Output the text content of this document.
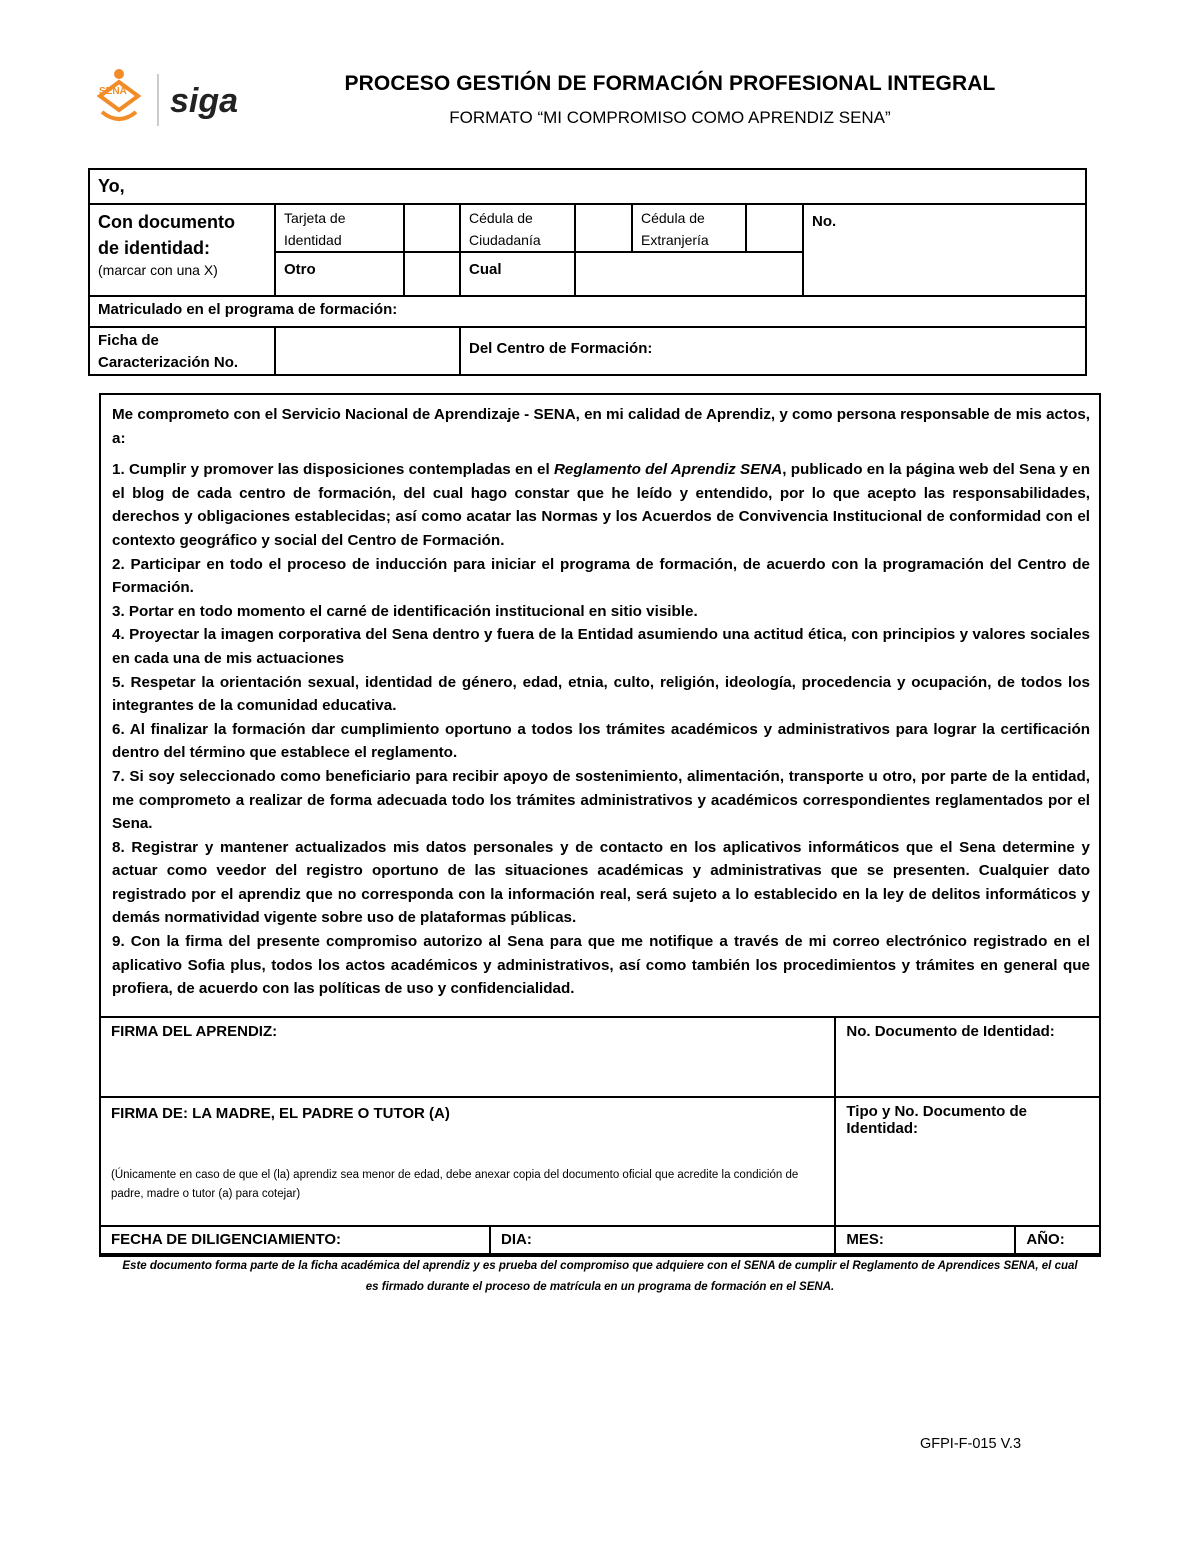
SENA siga	PROCESO GESTIÓN DE FORMACIÓN PROFESIONAL INTEGRAL
FORMATO “MI COMPROMISO COMO APRENDIZ SENA”
Yo,							

Con documento
de identidad:
(marcar con una X)	Tarjeta de Identidad		Cédula de Ciudadanía		Cédula de Extranjería		No.
	Otro		Cual				
Matriculado en el programa de formación:							
Ficha de Caracterización No.			Del Centro de Formación:				

Me comprometo con el Servicio Nacional de Aprendizaje - SENA, en mi calidad de Aprendiz, y como persona responsable de mis actos, a:

1. Cumplir y promover las disposiciones contempladas en el Reglamento del Aprendiz SENA, publicado en la página web del Sena y en el blog de cada centro de formación, del cual hago constar que he leído y entendido, por lo que acepto las responsabilidades, derechos y obligaciones establecidas; así como acatar las Normas y los Acuerdos de Convivencia Institucional de conformidad con el contexto geográfico y social del Centro de Formación.

2. Participar en todo el proceso de inducción para iniciar el programa de formación, de acuerdo con la programación del Centro de Formación.

3. Portar en todo momento el carné de identificación institucional en sitio visible.

4. Proyectar la imagen corporativa del Sena dentro y fuera de la Entidad asumiendo una actitud ética, con principios y valores sociales en cada una de mis actuaciones

5. Respetar la orientación sexual, identidad de género, edad, etnia, culto, religión, ideología, procedencia y ocupación, de todos los integrantes de la comunidad educativa.

6. Al finalizar la formación dar cumplimiento oportuno a todos los trámites académicos y administrativos para lograr la certificación dentro del término que establece el reglamento.

7. Si soy seleccionado como beneficiario para recibir apoyo de sostenimiento, alimentación, transporte u otro, por parte de la entidad, me comprometo a realizar de forma adecuada todo los trámites administrativos y académicos correspondientes reglamentados por el Sena.

8. Registrar y mantener actualizados mis datos personales y de contacto en los aplicativos informáticos que el Sena determine y actuar como veedor del registro oportuno de las situaciones académicas y administrativas que se presenten. Cualquier dato registrado por el aprendiz que no corresponda con la información real, será sujeto a lo establecido en la ley de delitos informáticos y demás normatividad vigente sobre uso de plataformas públicas.

9. Con la firma del presente compromiso autorizo al Sena para que me notifique a través de mi correo electrónico registrado en el aplicativo Sofia plus, todos los actos académicos y administrativos, así como también los procedimientos y trámites en general que profiera, de acuerdo con las políticas de uso y confidencialidad.

FIRMA DEL APRENDIZ:		No. Documento de Identidad:	

FIRMA DE: LA MADRE, EL PADRE O TUTOR (A)
(Únicamente en caso de que el (la) aprendiz sea menor de edad, debe anexar copia del documento oficial que acredite la condición de padre, madre o tutor (a) para cotejar)		Tipo y No. Documento de Identidad:	
FECHA DE DILIGENCIAMIENTO:	DIA:	MES:	AÑO:
Este documento forma parte de la ficha académica del aprendiz y es prueba del compromiso que adquiere con el SENA de cumplir el Reglamento de Aprendices SENA, el cual es firmado durante el proceso de matrícula en un programa de formación en el SENA.
GFPI-F-015 V.3
